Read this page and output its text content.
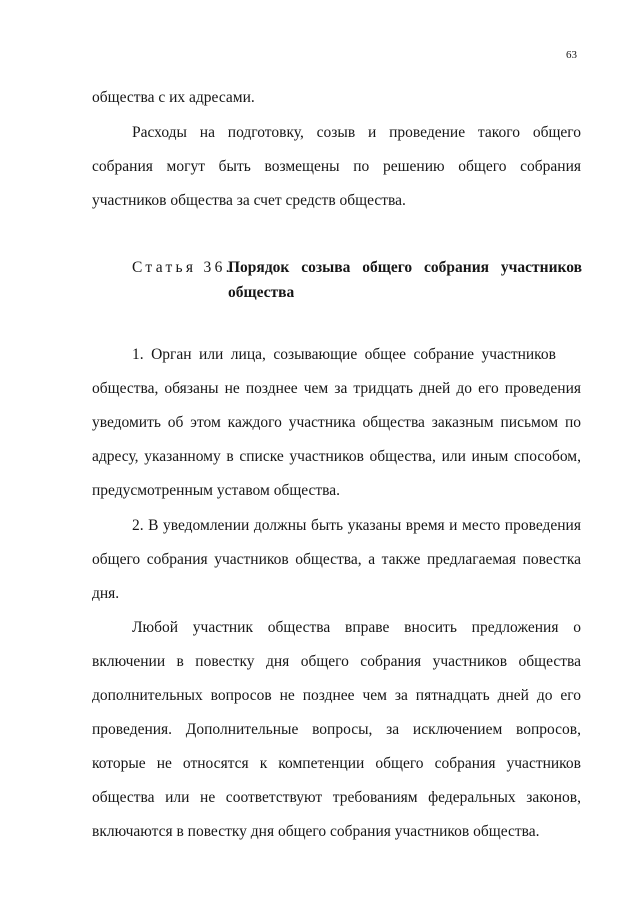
63
общества с их адресами.
Расходы на подготовку, созыв и проведение такого общего
собрания могут быть возмещены по решению общего собрания
участников общества за счет средств общества.
Статья 36.
Порядок созыва общего собрания участников
общества
1. Орган или лица, созывающие общее собрание участников
общества, обязаны не позднее чем за тридцать дней до его проведения
уведомить об этом каждого участника общества заказным письмом по
адресу, указанному в списке участников общества, или иным способом,
предусмотренным уставом общества.
2. В уведомлении должны быть указаны время и место проведения
общего собрания участников общества, а также предлагаемая повестка
дня.
Любой участник общества вправе вносить предложения о
включении в повестку дня общего собрания участников общества
дополнительных вопросов не позднее чем за пятнадцать дней до его
проведения. Дополнительные вопросы, за исключением вопросов,
которые не относятся к компетенции общего собрания участников
общества или не соответствуют требованиям федеральных законов,
включаются в повестку дня общего собрания участников общества.
